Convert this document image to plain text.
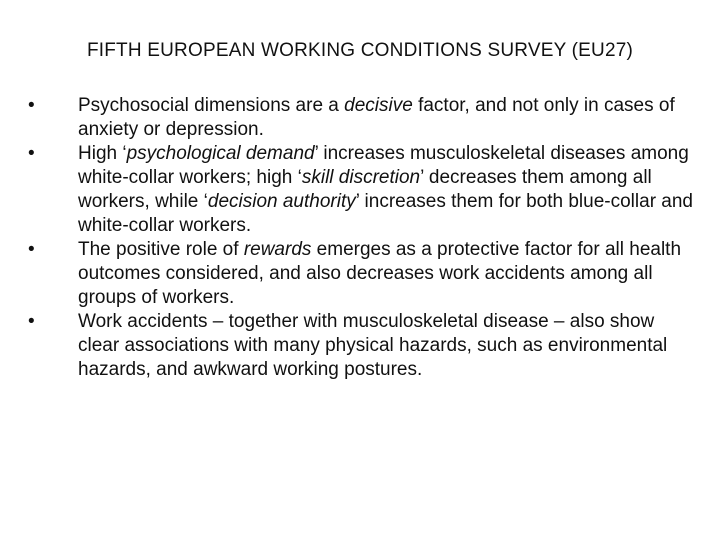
FIFTH EUROPEAN WORKING CONDITIONS SURVEY (EU27)
•	Psychosocial dimensions are a decisive factor, and not only in cases of anxiety or depression.
•	High ‘psychological demand’ increases musculoskeletal diseases among white-collar workers; high ‘skill discretion’ decreases them among all workers, while ‘decision authority’ increases them for both blue-collar and white-collar workers.
•	The positive role of rewards emerges as a protective factor for all health outcomes considered, and also decreases work accidents among all groups of workers.
•	Work accidents – together with musculoskeletal disease – also show clear associations with many physical hazards, such as environmental hazards, and awkward working postures.
